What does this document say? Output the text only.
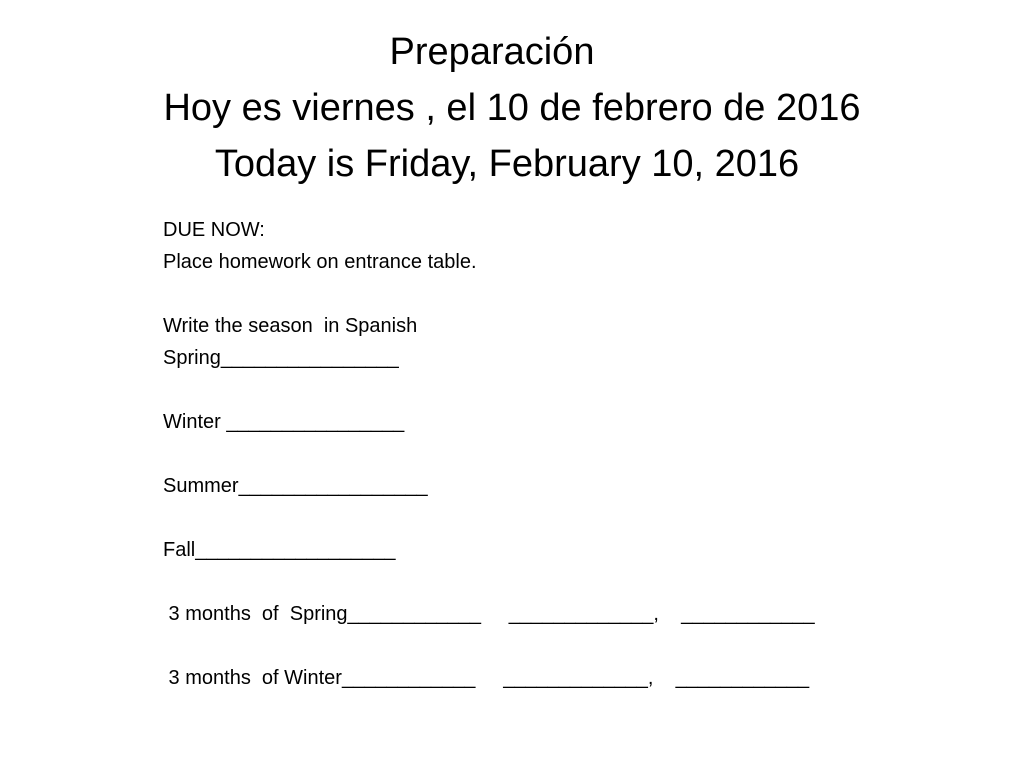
Preparación
Hoy es viernes , el 10 de febrero de 2016
Today is Friday, February 10, 2016
DUE NOW:
Place homework on entrance table.
Write the season  in Spanish
Spring________________
Winter ________________
Summer_________________
Fall__________________
3 months  of  Spring____________     _____________,    ____________
3 months  of Winter____________     _____________,    ____________
